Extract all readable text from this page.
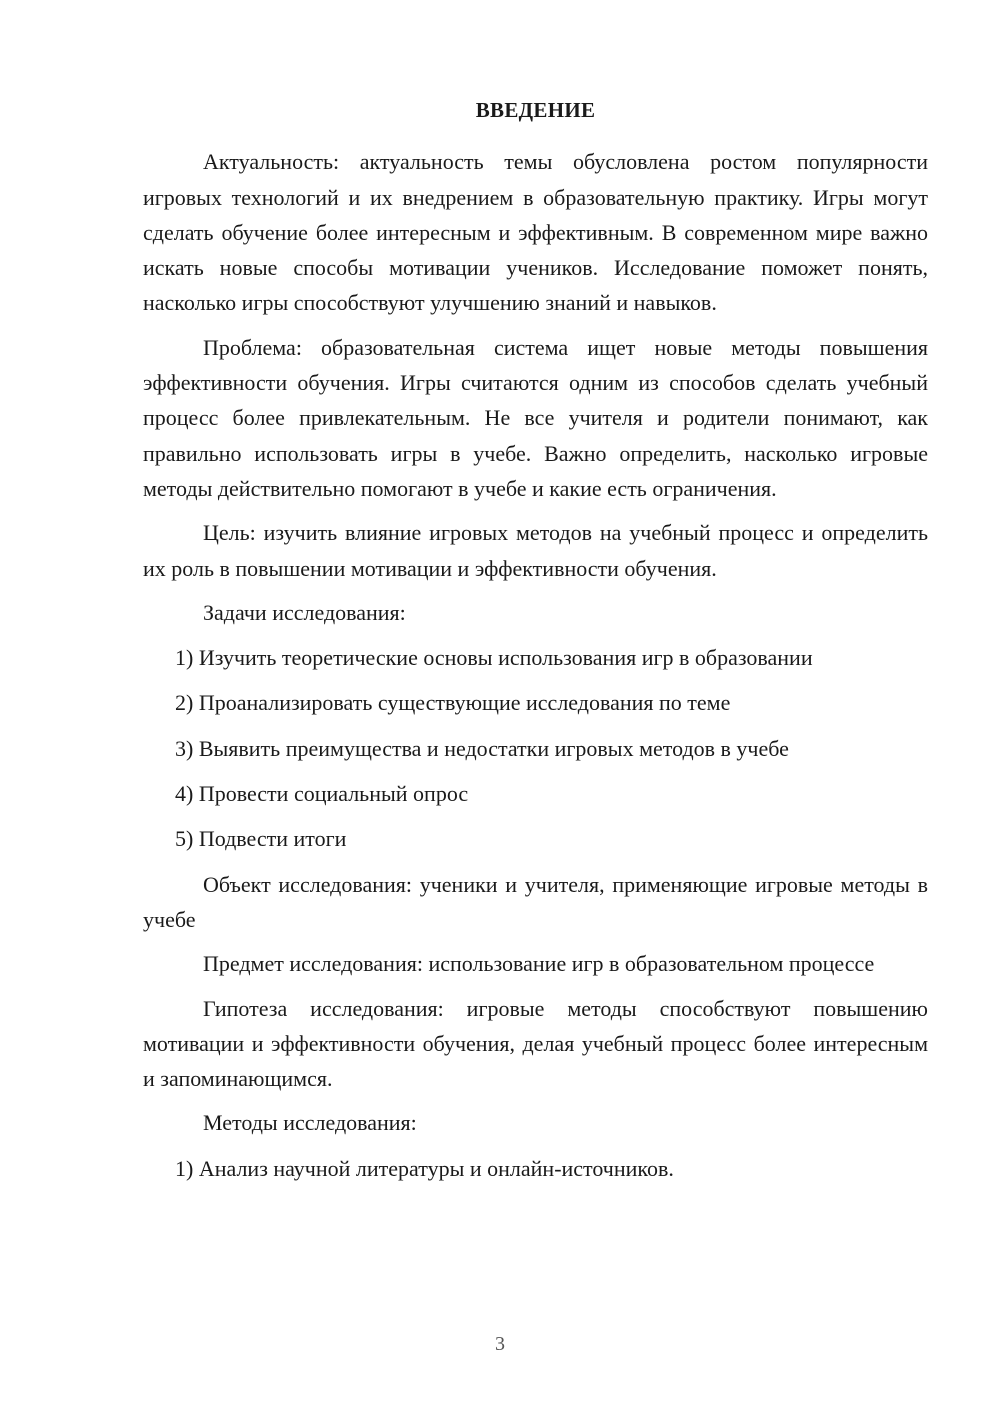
ВВЕДЕНИЕ

Актуальность: актуальность темы обусловлена ростом популярности игровых технологий и их внедрением в образовательную практику. Игры могут сделать обучение более интересным и эффективным. В современном мире важно искать новые способы мотивации учеников. Исследование поможет понять, насколько игры способствуют улучшению знаний и навыков.

Проблема: образовательная система ищет новые методы повышения эффективности обучения. Игры считаются одним из способов сделать учебный процесс более привлекательным. Не все учителя и родители понимают, как правильно использовать игры в учебе. Важно определить, насколько игровые методы действительно помогают в учебе и какие есть ограничения.

Цель: изучить влияние игровых методов на учебный процесс и определить их роль в повышении мотивации и эффективности обучения.

Задачи исследования:

1) Изучить теоретические основы использования игр в образовании

2) Проанализировать существующие исследования по теме

3) Выявить преимущества и недостатки игровых методов в учебе

4) Провести социальный опрос

5) Подвести итоги

Объект исследования: ученики и учителя, применяющие игровые методы в учебе

Предмет исследования: использование игр в образовательном процессе

Гипотеза исследования: игровые методы способствуют повышению мотивации и эффективности обучения, делая учебный процесс более интересным и запоминающимся.

Методы исследования:

1) Анализ научной литературы и онлайн-источников.

3
